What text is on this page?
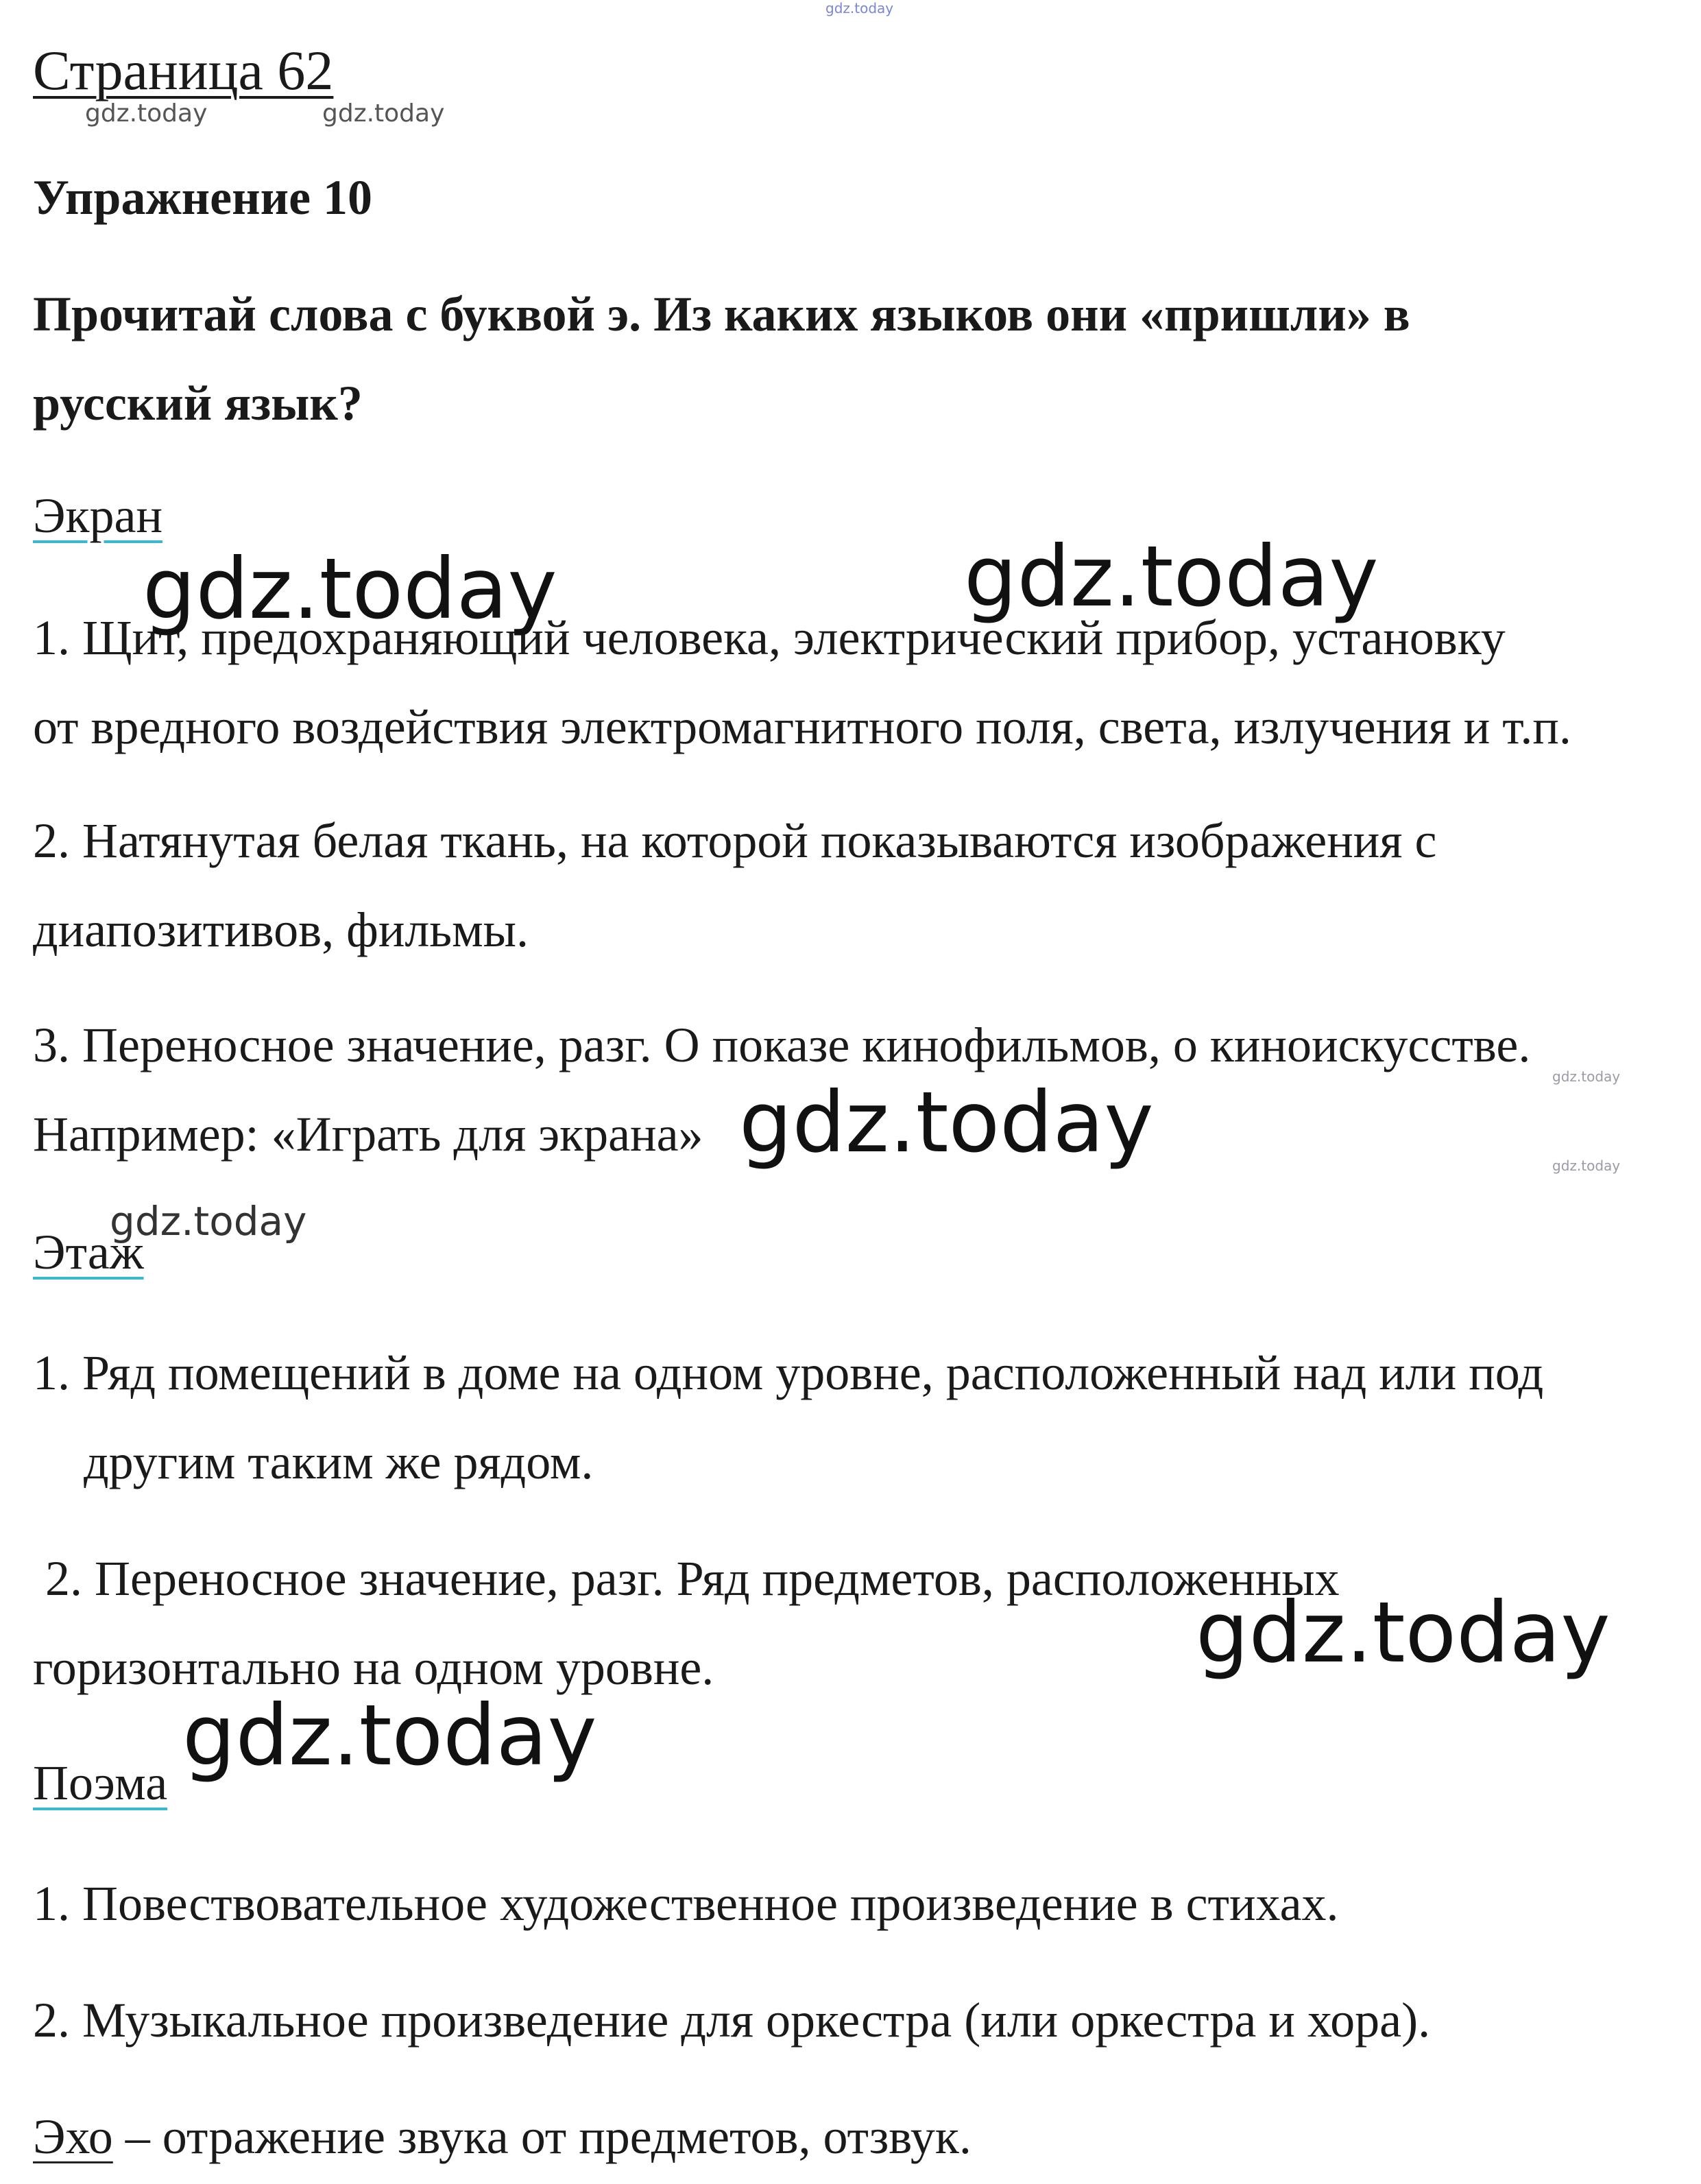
Страница 62
Упражнение 10
Прочитай слова с буквой э. Из каких языков они «пришли» в
русский язык?
Экран
1. Щит, предохраняющий человека, электрический прибор, установку
от вредного воздействия электромагнитного поля, света, излучения и т.п.
2. Натянутая белая ткань, на которой показываются изображения с
диапозитивов, фильмы.
3. Переносное значение, разг. О показе кинофильмов, о киноискусстве.
Например: «Играть для экрана»
Этаж
1. Ряд помещений в доме на одном уровне, расположенный над или под
другим таким же рядом.
2. Переносное значение, разг. Ряд предметов, расположенных
горизонтально на одном уровне.
Поэма
1. Повествовательное художественное произведение в стихах.
2. Музыкальное произведение для оркестра (или оркестра и хора).
Эхо – отражение звука от предметов, отзвук.
gdz.today
gdz.today	gdz.today
gdz.today	gdz.today
gdz.today
gdz.today	gdz.today
gdz.today
gdz.today
gdz.today
